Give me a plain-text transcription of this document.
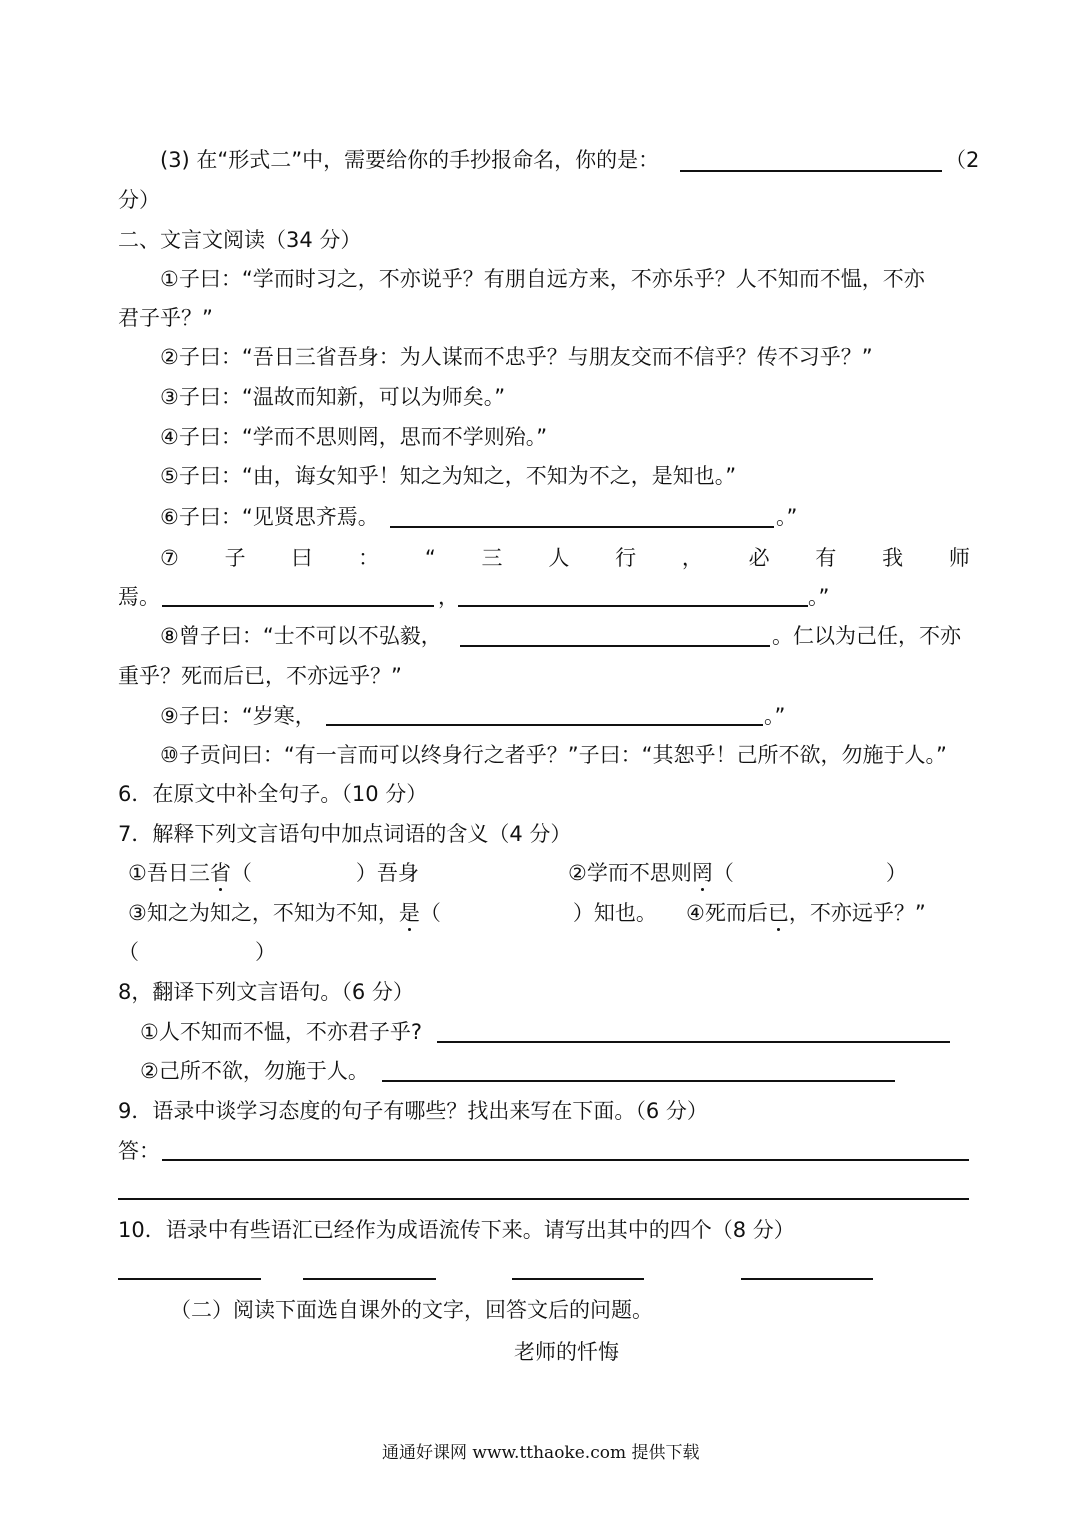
(3) 在“形式二”中，需要给你的手抄报命名，你的是：	（2
分）
二、文言文阅读（34 分）
①子曰：“学而时习之，不亦说乎？有朋自远方来，不亦乐乎？人不知而不愠，不亦
君子乎？”
②子曰：“吾日三省吾身：为人谋而不忠乎？与朋友交而不信乎？传不习乎？”
③子曰：“温故而知新，可以为师矣。”
④子曰：“学而不思则罔，思而不学则殆。”
⑤子曰：“由，诲女知乎！知之为知之，不知为不之，是知也。”
⑥子曰：“见贤思齐焉。	。”
⑦ 子 曰 ： “ 三 人 行 ， 必 有 我 师
焉。	，	。”
⑧曾子曰：“士不可以不弘毅，	。仁以为己任，不亦
重乎？死而后已，不亦远乎？”
⑨子曰：“岁寒，	。”
⑩子贡问曰：“有一言而可以终身行之者乎？”子曰：“其恕乎！己所不欲，勿施于人。”
6．在原文中补全句子。（10 分）
7．解释下列文言语句中加点词语的含义（4 分）
①吾日三省（	）吾身	②学而不思则罔（	）
③知之为知之，不知为不知，是（	）知也。 ④死而后已，不亦远乎？”
（	）
8，翻译下列文言语句。（6 分）
①人不知而不愠，不亦君子乎?
②己所不欲，勿施于人。
9．语录中谈学习态度的句子有哪些？找出来写在下面。（6 分）
答：
10．语录中有些语汇已经作为成语流传下来。请写出其中的四个（8 分）
（二）阅读下面选自课外的文字，回答文后的问题。
老师的忏悔
通通好课网 www.tthaoke.com 提供下载
